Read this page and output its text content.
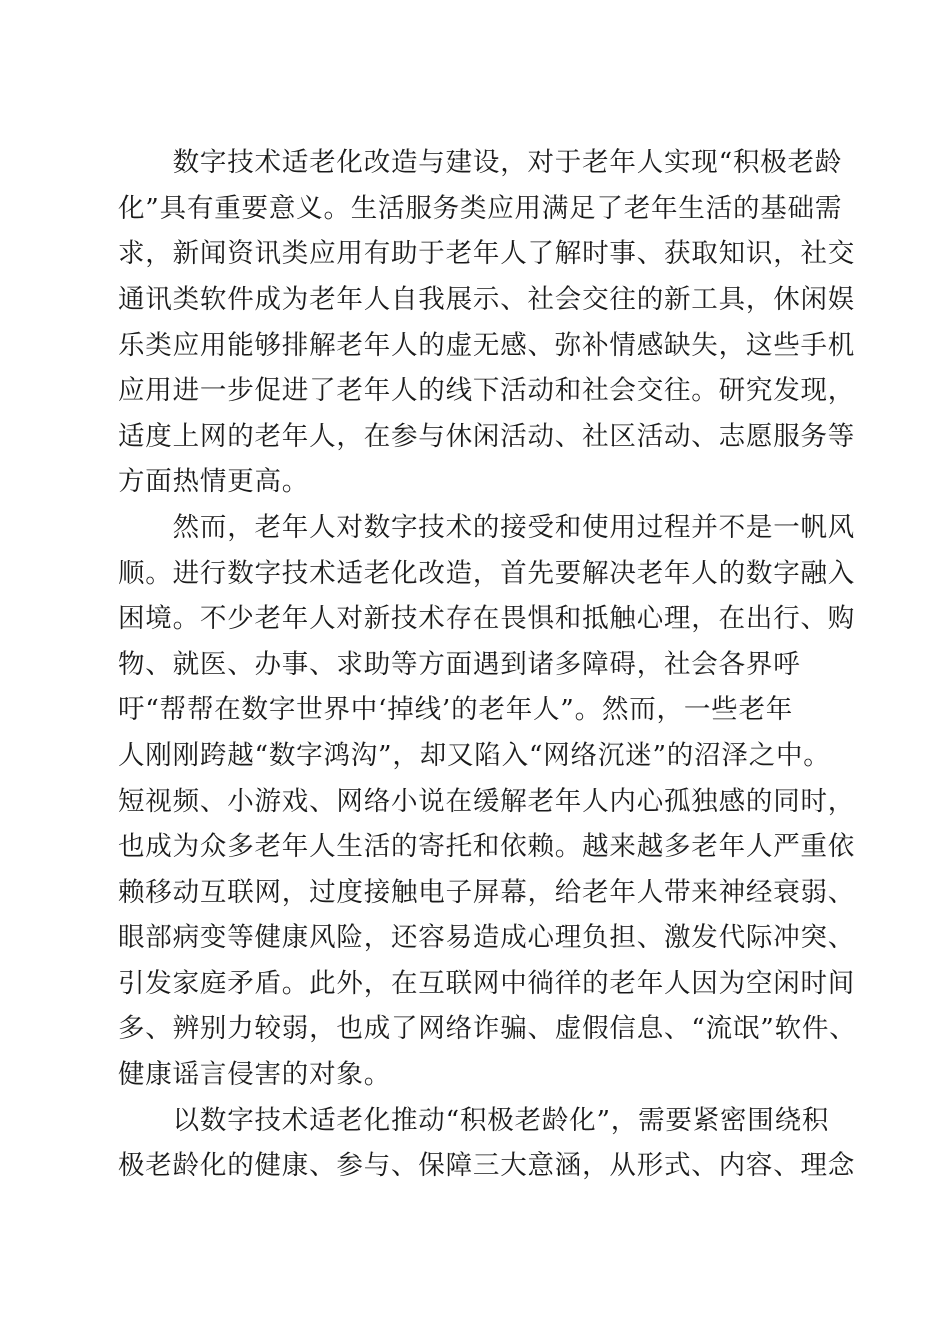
　　数字技术适老化改造与建设，对于老年人实现“积极老龄
化”具有重要意义。生活服务类应用满足了老年生活的基础需
求，新闻资讯类应用有助于老年人了解时事、获取知识，社交
通讯类软件成为老年人自我展示、社会交往的新工具，休闲娱
乐类应用能够排解老年人的虚无感、弥补情感缺失，这些手机
应用进一步促进了老年人的线下活动和社会交往。研究发现，
适度上网的老年人，在参与休闲活动、社区活动、志愿服务等
方面热情更高。
　　然而，老年人对数字技术的接受和使用过程并不是一帆风
顺。进行数字技术适老化改造，首先要解决老年人的数字融入
困境。不少老年人对新技术存在畏惧和抵触心理，在出行、购
物、就医、办事、求助等方面遇到诸多障碍，社会各界呼
吁“帮帮在数字世界中‘掉线’的老年人”。然而，一些老年
人刚刚跨越“数字鸿沟”，却又陷入“网络沉迷”的沼泽之中。
短视频、小游戏、网络小说在缓解老年人内心孤独感的同时，
也成为众多老年人生活的寄托和依赖。越来越多老年人严重依
赖移动互联网，过度接触电子屏幕，给老年人带来神经衰弱、
眼部病变等健康风险，还容易造成心理负担、激发代际冲突、
引发家庭矛盾。此外，在互联网中徜徉的老年人因为空闲时间
多、辨别力较弱，也成了网络诈骗、虚假信息、“流氓”软件、
健康谣言侵害的对象。
　　以数字技术适老化推动“积极老龄化”，需要紧密围绕积
极老龄化的健康、参与、保障三大意涵，从形式、内容、理念
